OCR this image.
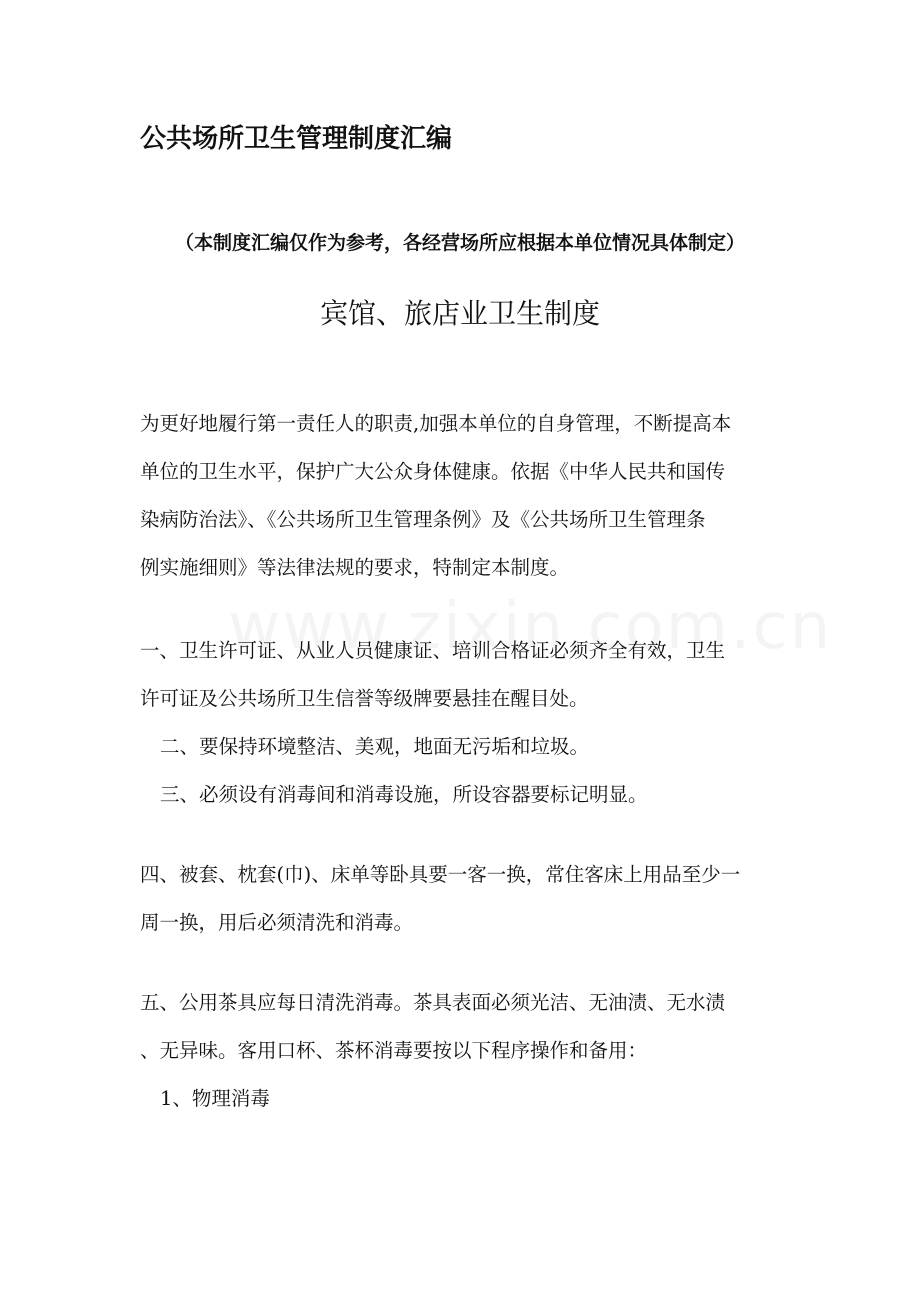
公共场所卫生管理制度汇编
（本制度汇编仅作为参考，各经营场所应根据本单位情况具体制定）
宾馆、旅店业卫生制度
为更好地履行第一责任人的职责,加强本单位的自身管理，不断提高本
单位的卫生水平，保护广大公众身体健康。依据《中华人民共和国传
染病防治法》、《公共场所卫生管理条例》及《公共场所卫生管理条
例实施细则》等法律法规的要求，特制定本制度。
一、卫生许可证、从业人员健康证、培训合格证必须齐全有效，卫生
许可证及公共场所卫生信誉等级牌要悬挂在醒目处。
二、要保持环境整洁、美观，地面无污垢和垃圾。
三、必须设有消毒间和消毒设施，所设容器要标记明显。
四、被套、枕套(巾)、床单等卧具要一客一换，常住客床上用品至少一
周一换，用后必须清洗和消毒。
五、公用茶具应每日清洗消毒。茶具表面必须光洁、无油渍、无水渍
、无异味。客用口杯、茶杯消毒要按以下程序操作和备用：
1、物理消毒
